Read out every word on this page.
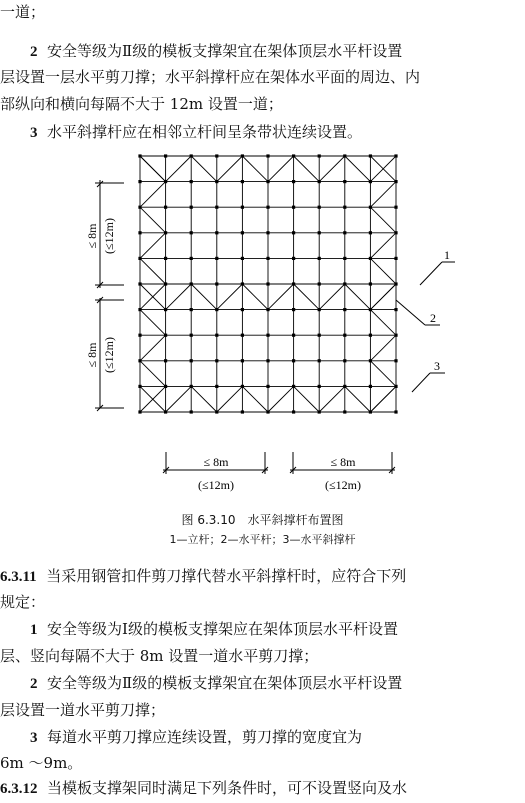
一道；
2 安全等级为Ⅱ级的模板支撑架宜在架体顶层水平杆设置
层设置一层水平剪刀撑；水平斜撑杆应在架体水平面的周边、内
部纵向和横向每隔不大于 12m 设置一道；
3 水平斜撑杆应在相邻立杆间呈条带状连续设置。
≤ 8m (≤12m)
≤ 8m (≤12m)
≤ 8m
(≤12m)
≤ 8m
(≤12m)
1
2
3
图 6.3.10　水平斜撑杆布置图
1—立杆；2—水平杆；3—水平斜撑杆
6.3.11 当采用钢管扣件剪刀撑代替水平斜撑杆时，应符合下列
规定：
1 安全等级为Ⅰ级的模板支撑架应在架体顶层水平杆设置
层、竖向每隔不大于 8m 设置一道水平剪刀撑；
2 安全等级为Ⅱ级的模板支撑架宜在架体顶层水平杆设置
层设置一道水平剪刀撑；
3 每道水平剪刀撑应连续设置，剪刀撑的宽度宜为
6m ～9m。
6.3.12 当模板支撑架同时满足下列条件时，可不设置竖向及水
